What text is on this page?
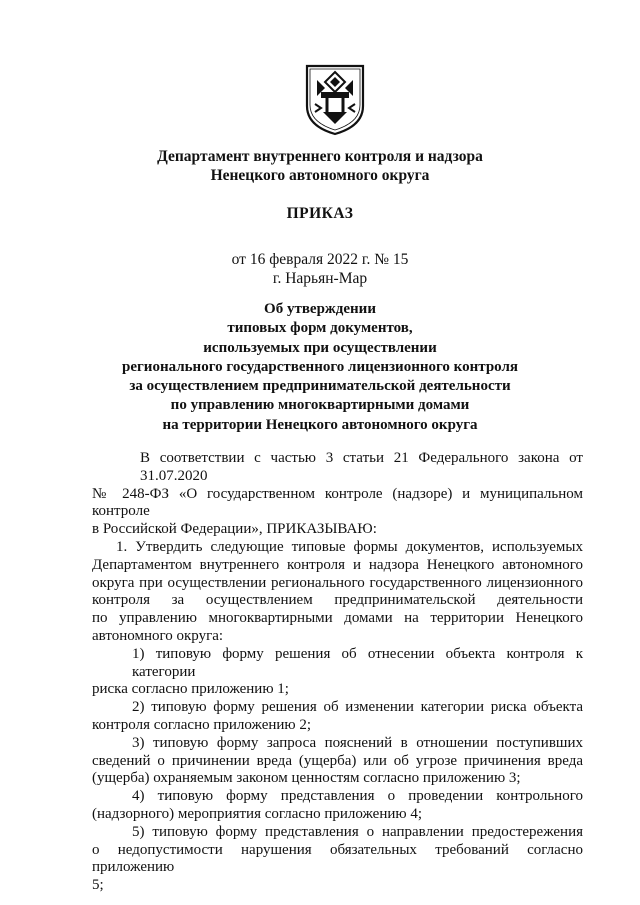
Департамент внутреннего контроля и надзора
Ненецкого автономного округа
ПРИКАЗ
от 16 февраля 2022 г. № 15
г. Нарьян-Мар
Об утверждении
типовых форм документов,
используемых при осуществлении
регионального государственного лицензионного контроля
за осуществлением предпринимательской деятельности
по управлению многоквартирными домами
на территории Ненецкого автономного округа
В соответствии с частью 3 статьи 21 Федерального закона от 31.07.2020
№ 248-ФЗ «О государственном контроле (надзоре) и муниципальном контроле
в Российской Федерации», ПРИКАЗЫВАЮ:
1. Утвердить следующие типовые формы документов, используемых
Департаментом внутреннего контроля и надзора Ненецкого автономного
округа при осуществлении регионального государственного лицензионного
контроля за осуществлением предпринимательской деятельности
по управлению многоквартирными домами на территории Ненецкого
автономного округа:
1) типовую форму решения об отнесении объекта контроля к категории
риска согласно приложению 1;
2) типовую форму решения об изменении категории риска объекта
контроля согласно приложению 2;
3) типовую форму запроса пояснений в отношении поступивших
сведений о причинении вреда (ущерба) или об угрозе причинения вреда
(ущерба) охраняемым законом ценностям согласно приложению 3;
4) типовую форму представления о проведении контрольного
(надзорного) мероприятия согласно приложению 4;
5) типовую форму представления о направлении предостережения
о недопустимости нарушения обязательных требований согласно приложению
5;
